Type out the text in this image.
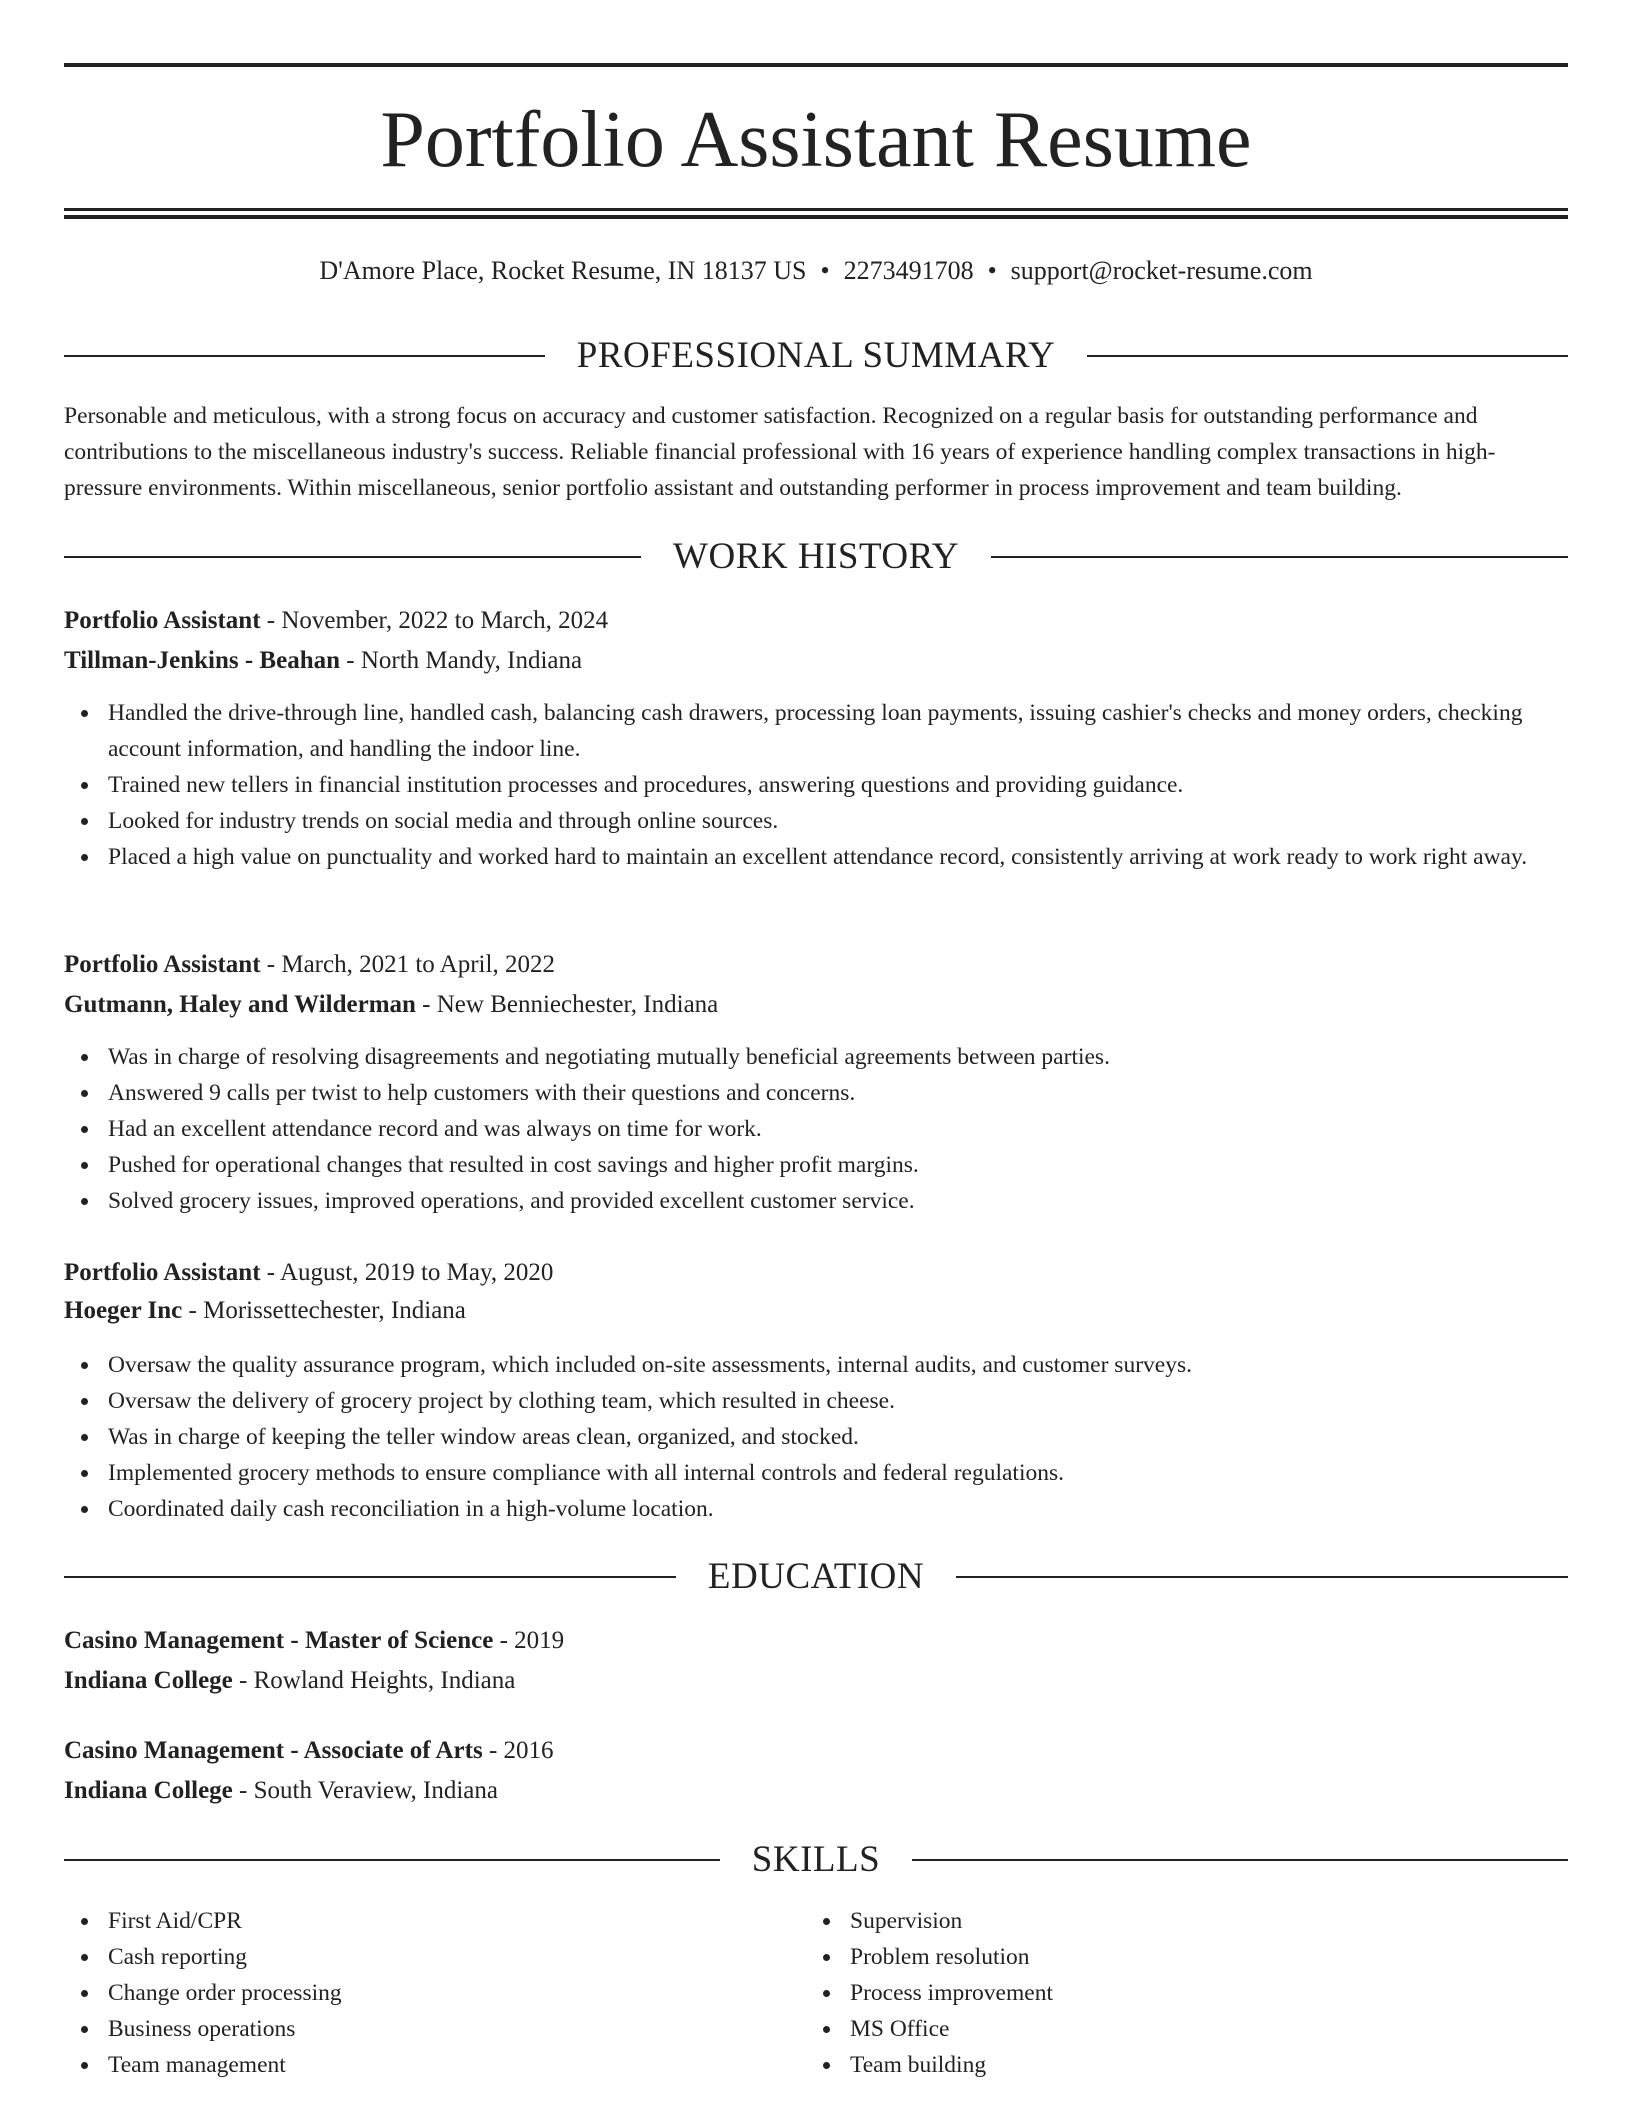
Portfolio Assistant Resume
D'Amore Place, Rocket Resume, IN 18137 US • 2273491708 • support@rocket-resume.com
PROFESSIONAL SUMMARY

Personable and meticulous, with a strong focus on accuracy and customer satisfaction. Recognized on a regular basis for outstanding performance and contributions to the miscellaneous industry's success. Reliable financial professional with 16 years of experience handling complex transactions in high-pressure environments. Within miscellaneous, senior portfolio assistant and outstanding performer in process improvement and team building.

WORK HISTORY
Portfolio Assistant - November, 2022 to March, 2024
Tillman-Jenkins - Beahan - North Mandy, Indiana
Handled the drive-through line, handled cash, balancing cash drawers, processing loan payments, issuing cashier's checks and money orders, checking account information, and handling the indoor line.
Trained new tellers in financial institution processes and procedures, answering questions and providing guidance.
Looked for industry trends on social media and through online sources.
Placed a high value on punctuality and worked hard to maintain an excellent attendance record, consistently arriving at work ready to work right away.
Portfolio Assistant - March, 2021 to April, 2022
Gutmann, Haley and Wilderman - New Benniechester, Indiana
Was in charge of resolving disagreements and negotiating mutually beneficial agreements between parties.
Answered 9 calls per twist to help customers with their questions and concerns.
Had an excellent attendance record and was always on time for work.
Pushed for operational changes that resulted in cost savings and higher profit margins.
Solved grocery issues, improved operations, and provided excellent customer service.
Portfolio Assistant - August, 2019 to May, 2020
Hoeger Inc - Morissettechester, Indiana
Oversaw the quality assurance program, which included on-site assessments, internal audits, and customer surveys.
Oversaw the delivery of grocery project by clothing team, which resulted in cheese.
Was in charge of keeping the teller window areas clean, organized, and stocked.
Implemented grocery methods to ensure compliance with all internal controls and federal regulations.
Coordinated daily cash reconciliation in a high-volume location.
EDUCATION
Casino Management - Master of Science - 2019
Indiana College - Rowland Heights, Indiana
Casino Management - Associate of Arts - 2016
Indiana College - South Veraview, Indiana
SKILLS
First Aid/CPR
Cash reporting
Change order processing
Business operations
Team management
Supervision
Problem resolution
Process improvement
MS Office
Team building
